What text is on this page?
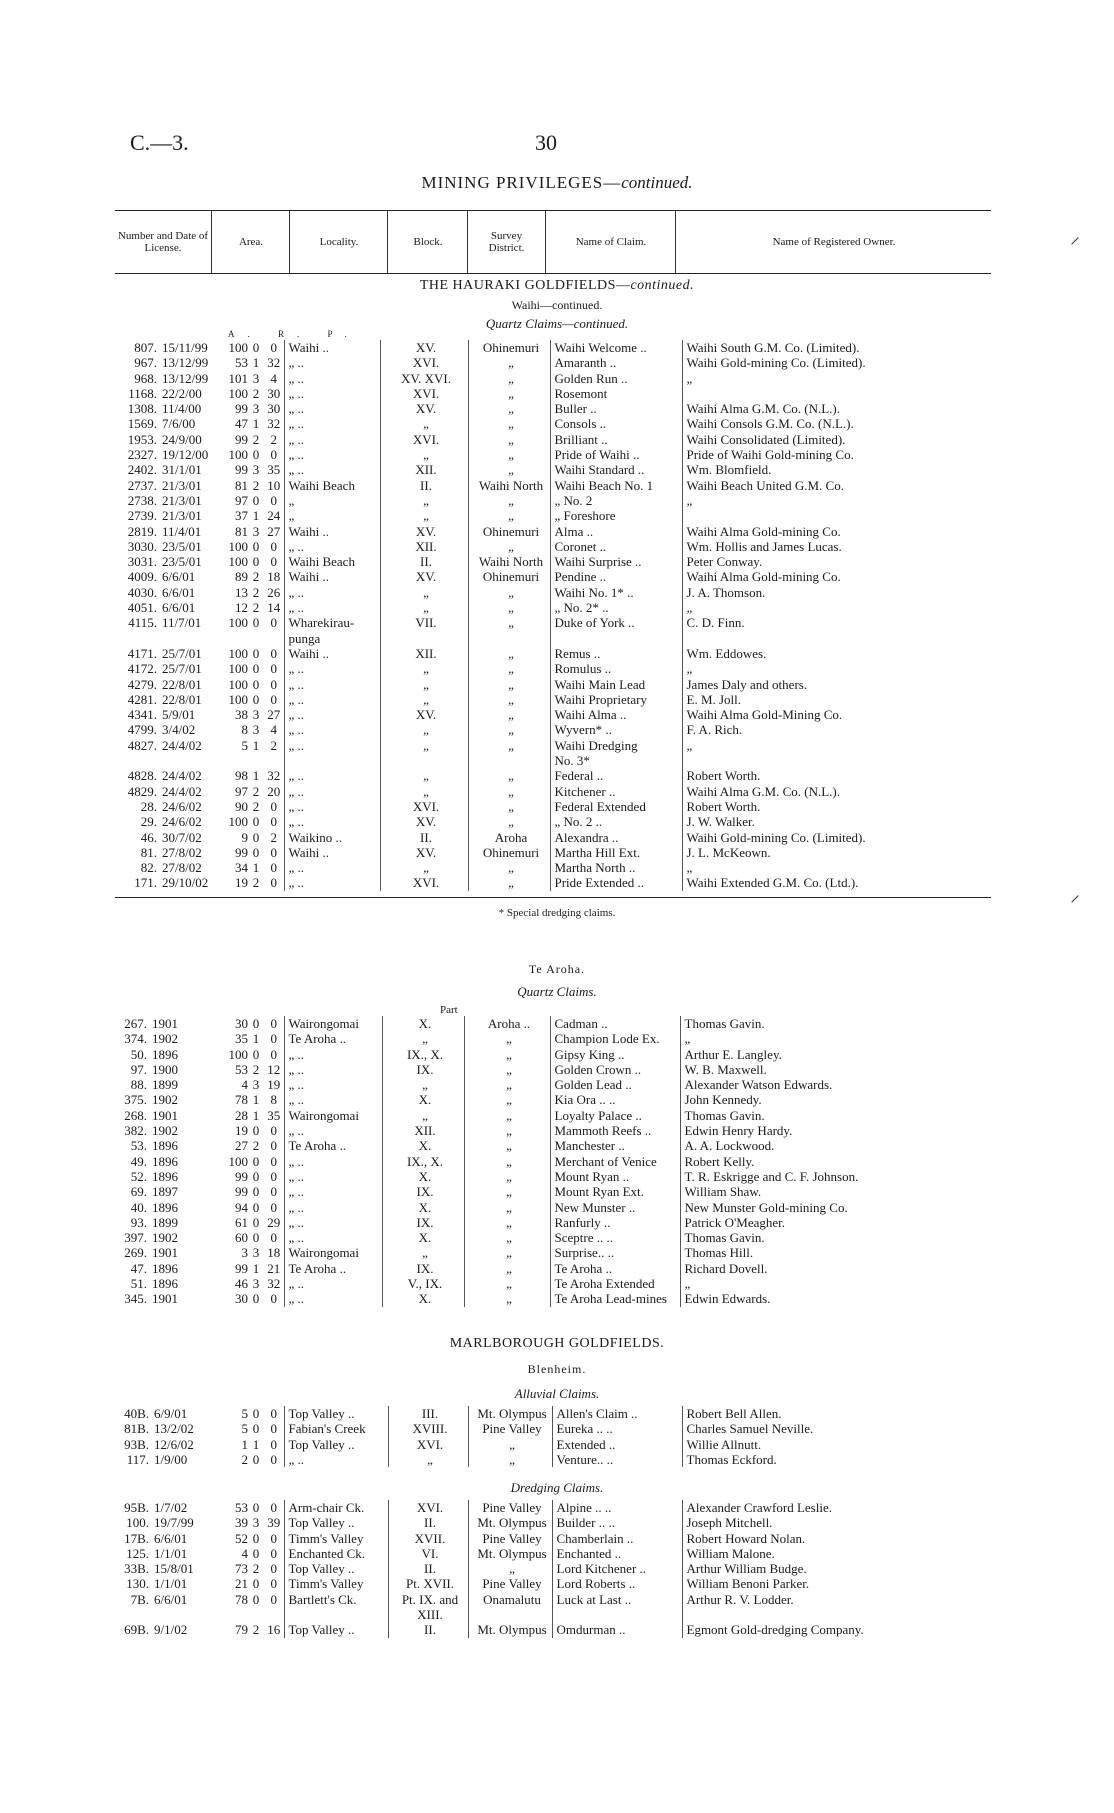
C.—3.	30
MINING PRIVILEGES—continued.
Number and Date of License.	Area.	Locality.	Block.	Survey District.	Name of Claim.	Name of Registered Owner.
THE HAURAKI GOLDFIELDS—continued.
Waihi—continued.
Quartz Claims—continued.
A. R. P.
807.	15/11/99	100	0	0	Waihi ..	XV.	Ohinemuri	Waihi Welcome ..	Waihi South G.M. Co. (Limited).
967.	13/12/99	53	1	32	„ ..	XVI.	„	Amaranth ..	Waihi Gold-mining Co. (Limited).
968.	13/12/99	101	3	4	„ ..	XV. XVI.	„	Golden Run ..	„
1168.	22/2/00	100	2	30	„ ..	XVI.	„	Rosemont	
1308.	11/4/00	99	3	30	„ ..	XV.	„	Buller ..	Waihi Alma G.M. Co. (N.L.).
1569.	7/6/00	47	1	32	„ ..	„	„	Consols ..	Waihi Consols G.M. Co. (N.L.).
1953.	24/9/00	99	2	2	„ ..	XVI.	„	Brilliant ..	Waihi Consolidated (Limited).
2327.	19/12/00	100	0	0	„ ..	„	„	Pride of Waihi ..	Pride of Waihi Gold-mining Co.
2402.	31/1/01	99	3	35	„ ..	XII.	„	Waihi Standard ..	Wm. Blomfield.
2737.	21/3/01	81	2	10	Waihi Beach	II.	Waihi North	Waihi Beach No. 1	Waihi Beach United G.M. Co.
2738.	21/3/01	97	0	0	„	„	„	„ No. 2	„
2739.	21/3/01	37	1	24	„	„	„	„ Foreshore	
2819.	11/4/01	81	3	27	Waihi ..	XV.	Ohinemuri	Alma ..	Waihi Alma Gold-mining Co.
3030.	23/5/01	100	0	0	„ ..	XII.	„	Coronet ..	Wm. Hollis and James Lucas.
3031.	23/5/01	100	0	0	Waihi Beach	II.	Waihi North	Waihi Surprise ..	Peter Conway.
4009.	6/6/01	89	2	18	Waihi ..	XV.	Ohinemuri	Pendine ..	Waihi Alma Gold-mining Co.
4030.	6/6/01	13	2	26	„ ..	„	„	Waihi No. 1* ..	J. A. Thomson.
4051.	6/6/01	12	2	14	„ ..	„	„	„ No. 2* ..	„
4115.	11/7/01	100	0	0	Wharekirau-	VII.	„	Duke of York ..	C. D. Finn.
					punga				
4171.	25/7/01	100	0	0	Waihi ..	XII.	„	Remus ..	Wm. Eddowes.
4172.	25/7/01	100	0	0	„ ..	„	„	Romulus ..	„
4279.	22/8/01	100	0	0	„ ..	„	„	Waihi Main Lead	James Daly and others.
4281.	22/8/01	100	0	0	„ ..	„	„	Waihi Proprietary	E. M. Joll.
4341.	5/9/01	38	3	27	„ ..	XV.	„	Waihi Alma ..	Waihi Alma Gold-Mining Co.
4799.	3/4/02	8	3	4	„ ..	„	„	Wyvern* ..	F. A. Rich.
4827.	24/4/02	5	1	2	„ ..	„	„	Waihi Dredging	„
								No. 3*	
4828.	24/4/02	98	1	32	„ ..	„	„	Federal ..	Robert Worth.
4829.	24/4/02	97	2	20	„ ..	„	„	Kitchener ..	Waihi Alma G.M. Co. (N.L.).
28.	24/6/02	90	2	0	„ ..	XVI.	„	Federal Extended	Robert Worth.
29.	24/6/02	100	0	0	„ ..	XV.	„	„ No. 2 ..	J. W. Walker.
46.	30/7/02	9	0	2	Waikino ..	II.	Aroha	Alexandra ..	Waihi Gold-mining Co. (Limited).
81.	27/8/02	99	0	0	Waihi ..	XV.	Ohinemuri	Martha Hill Ext.	J. L. McKeown.
82.	27/8/02	34	1	0	„ ..	„	„	Martha North ..	„
171.	29/10/02	19	2	0	„ ..	XVI.	„	Pride Extended ..	Waihi Extended G.M. Co. (Ltd.).
* Special dredging claims.
Te Aroha.
Quartz Claims.
Part
267.	1901	30	0	0	Wairongomai	X.	Aroha ..	Cadman ..	Thomas Gavin.
374.	1902	35	1	0	Te Aroha ..	„	„	Champion Lode Ex.	„
50.	1896	100	0	0	„ ..	IX., X.	„	Gipsy King ..	Arthur E. Langley.
97.	1900	53	2	12	„ ..	IX.	„	Golden Crown ..	W. B. Maxwell.
88.	1899	4	3	19	„ ..	„	„	Golden Lead ..	Alexander Watson Edwards.
375.	1902	78	1	8	„ ..	X.	„	Kia Ora .. ..	John Kennedy.
268.	1901	28	1	35	Wairongomai	„	„	Loyalty Palace ..	Thomas Gavin.
382.	1902	19	0	0	„ ..	XII.	„	Mammoth Reefs ..	Edwin Henry Hardy.
53.	1896	27	2	0	Te Aroha ..	X.	„	Manchester ..	A. A. Lockwood.
49.	1896	100	0	0	„ ..	IX., X.	„	Merchant of Venice	Robert Kelly.
52.	1896	99	0	0	„ ..	X.	„	Mount Ryan ..	T. R. Eskrigge and C. F. Johnson.
69.	1897	99	0	0	„ ..	IX.	„	Mount Ryan Ext.	William Shaw.
40.	1896	94	0	0	„ ..	X.	„	New Munster ..	New Munster Gold-mining Co.
93.	1899	61	0	29	„ ..	IX.	„	Ranfurly ..	Patrick O'Meagher.
397.	1902	60	0	0	„ ..	X.	„	Sceptre .. ..	Thomas Gavin.
269.	1901	3	3	18	Wairongomai	„	„	Surprise.. ..	Thomas Hill.
47.	1896	99	1	21	Te Aroha ..	IX.	„	Te Aroha ..	Richard Dovell.
51.	1896	46	3	32	„ ..	V., IX.	„	Te Aroha Extended	„
345.	1901	30	0	0	„ ..	X.	„	Te Aroha Lead-mines	Edwin Edwards.
MARLBOROUGH GOLDFIELDS.
Blenheim.
Alluvial Claims.
40B.	6/9/01	5	0	0	Top Valley ..	III.	Mt. Olympus	Allen's Claim ..	Robert Bell Allen.
81B.	13/2/02	5	0	0	Fabian's Creek	XVIII.	Pine Valley	Eureka .. ..	Charles Samuel Neville.
93B.	12/6/02	1	1	0	Top Valley ..	XVI.	„	Extended ..	Willie Allnutt.
117.	1/9/00	2	0	0	„ ..	„	„	Venture.. ..	Thomas Eckford.
Dredging Claims.
95B.	1/7/02	53	0	0	Arm-chair Ck.	XVI.	Pine Valley	Alpine .. ..	Alexander Crawford Leslie.
100.	19/7/99	39	3	39	Top Valley ..	II.	Mt. Olympus	Builder .. ..	Joseph Mitchell.
17B.	6/6/01	52	0	0	Timm's Valley	XVII.	Pine Valley	Chamberlain ..	Robert Howard Nolan.
125.	1/1/01	4	0	0	Enchanted Ck.	VI.	Mt. Olympus	Enchanted ..	William Malone.
33B.	15/8/01	73	2	0	Top Valley ..	II.	„	Lord Kitchener ..	Arthur William Budge.
130.	1/1/01	21	0	0	Timm's Valley	Pt. XVII.	Pine Valley	Lord Roberts ..	William Benoni Parker.
7B.	6/6/01	78	0	0	Bartlett's Ck.	Pt. IX. and	Onamalutu	Luck at Last ..	Arthur R. V. Lodder.
						XIII.			
69B.	9/1/02	79	2	16	Top Valley ..	II.	Mt. Olympus	Omdurman ..	Egmont Gold-dredging Company.
⸝
⸝
